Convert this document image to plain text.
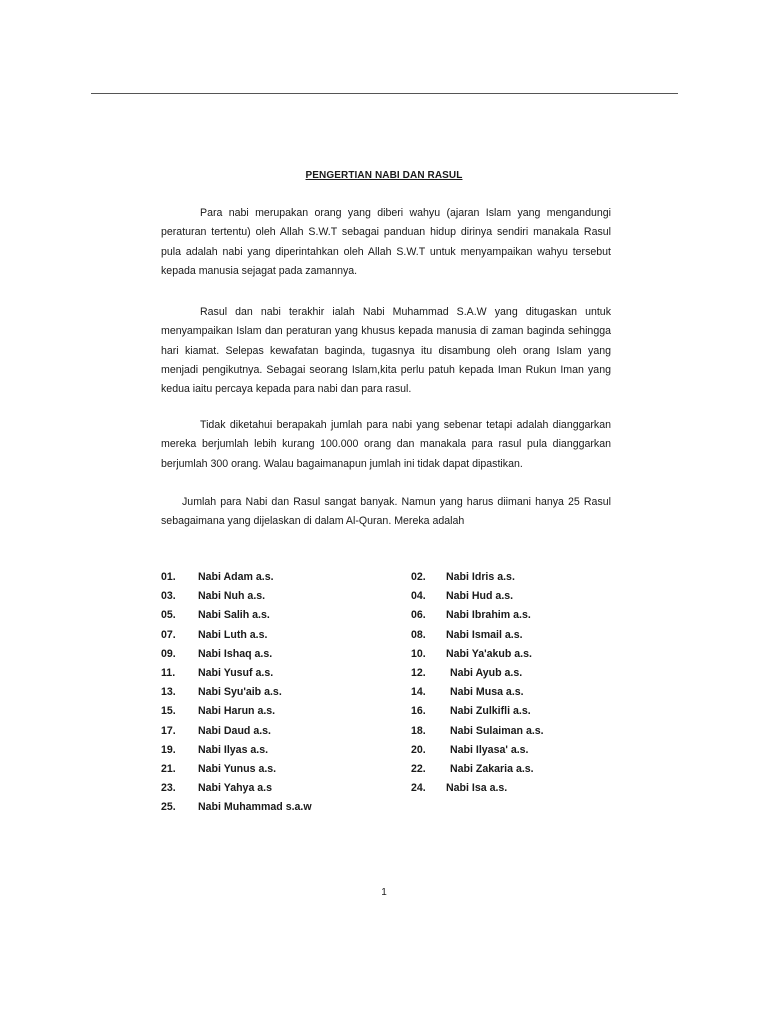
PENGERTIAN NABI DAN RASUL

Para nabi merupakan orang yang diberi wahyu (ajaran Islam yang mengandungi peraturan tertentu) oleh Allah S.W.T sebagai panduan hidup dirinya sendiri manakala Rasul pula adalah nabi yang diperintahkan oleh Allah S.W.T untuk menyampaikan wahyu tersebut kepada manusia sejagat pada zamannya.

Rasul dan nabi terakhir ialah Nabi Muhammad S.A.W yang ditugaskan untuk menyampaikan Islam dan peraturan yang khusus kepada manusia di zaman baginda sehingga hari kiamat. Selepas kewafatan baginda, tugasnya itu disambung oleh orang Islam yang menjadi pengikutnya. Sebagai seorang Islam,kita perlu patuh kepada Iman Rukun Iman yang kedua iaitu percaya kepada para nabi dan para rasul.

Tidak diketahui berapakah jumlah para nabi yang sebenar tetapi adalah dianggarkan mereka berjumlah lebih kurang 100.000 orang dan manakala para rasul pula dianggarkan berjumlah 300 orang. Walau bagaimanapun jumlah ini tidak dapat dipastikan.

Jumlah para Nabi dan Rasul sangat banyak. Namun yang harus diimani hanya 25 Rasul sebagaimana yang dijelaskan di dalam Al-Quran. Mereka adalah

01. Nabi Adam a.s.	02. Nabi Idris a.s.
03. Nabi Nuh a.s.	04. Nabi Hud a.s.
05. Nabi Salih a.s.	06. Nabi Ibrahim a.s.
07. Nabi Luth a.s.	08. Nabi Ismail a.s.
09. Nabi Ishaq a.s.	10. Nabi Ya'akub a.s.
11. Nabi Yusuf a.s.	12. Nabi Ayub a.s.
13. Nabi Syu'aib a.s.	14. Nabi Musa a.s.
15. Nabi Harun a.s.	16. Nabi Zulkifli a.s.
17. Nabi Daud a.s.	18. Nabi Sulaiman a.s.
19. Nabi Ilyas a.s.	20. Nabi Ilyasa' a.s.
21. Nabi Yunus a.s.	22. Nabi Zakaria a.s.
23. Nabi Yahya a.s	24. Nabi Isa a.s.
25. Nabi Muhammad s.a.w
1
